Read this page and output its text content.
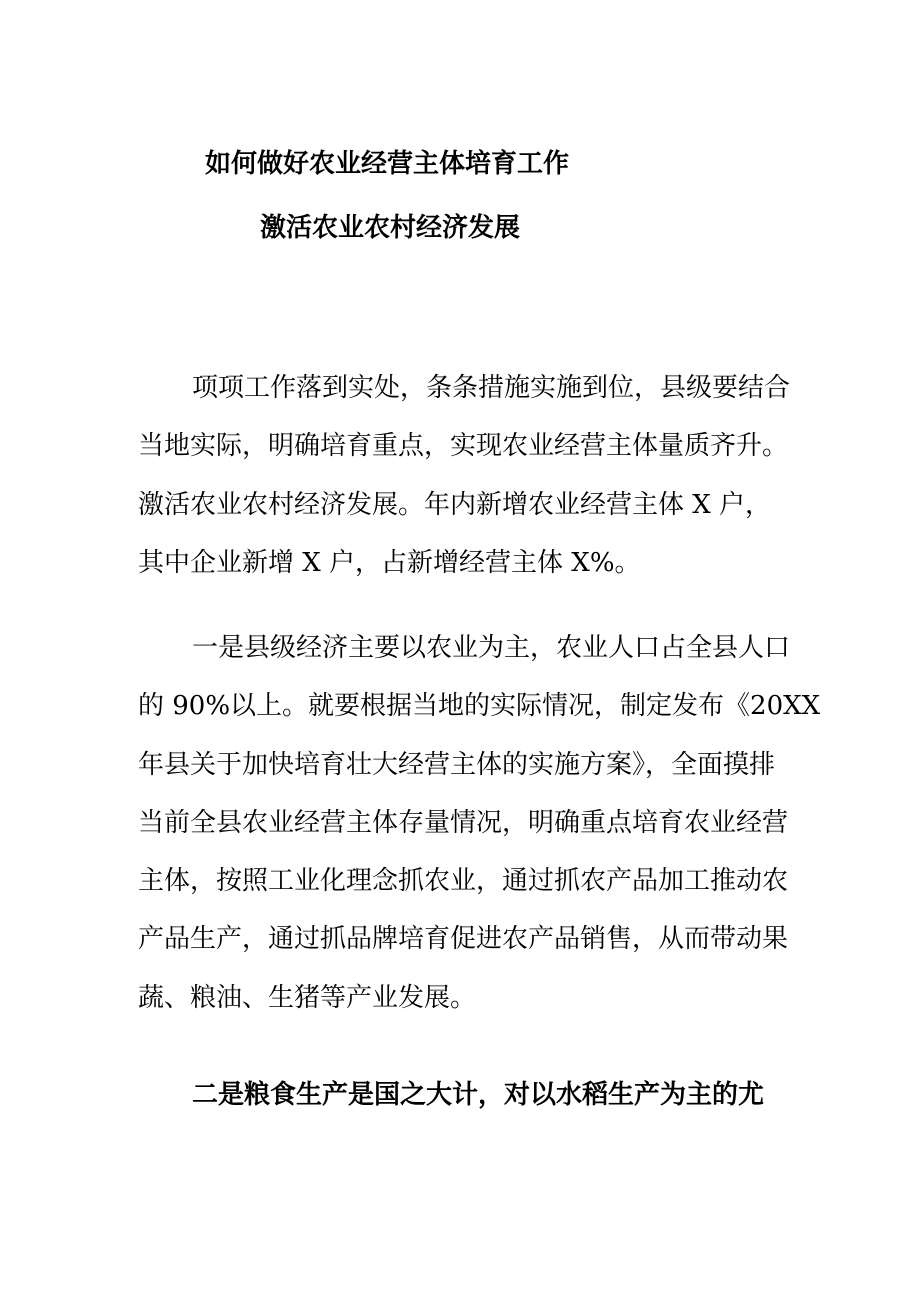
如何做好农业经营主体培育工作
激活农业农村经济发展
项项工作落到实处，条条措施实施到位，县级要结合
当地实际，明确培育重点，实现农业经营主体量质齐升。
激活农业农村经济发展。年内新增农业经营主体 X 户，
其中企业新增 X 户，占新增经营主体 X%。
一是县级经济主要以农业为主，农业人口占全县人口
的 90%以上。就要根据当地的实际情况，制定发布《20XX
年县关于加快培育壮大经营主体的实施方案》，全面摸排
当前全县农业经营主体存量情况，明确重点培育农业经营
主体，按照工业化理念抓农业，通过抓农产品加工推动农
产品生产，通过抓品牌培育促进农产品销售，从而带动果
蔬、粮油、生猪等产业发展。
二是粮食生产是国之大计，对以水稻生产为主的尤
